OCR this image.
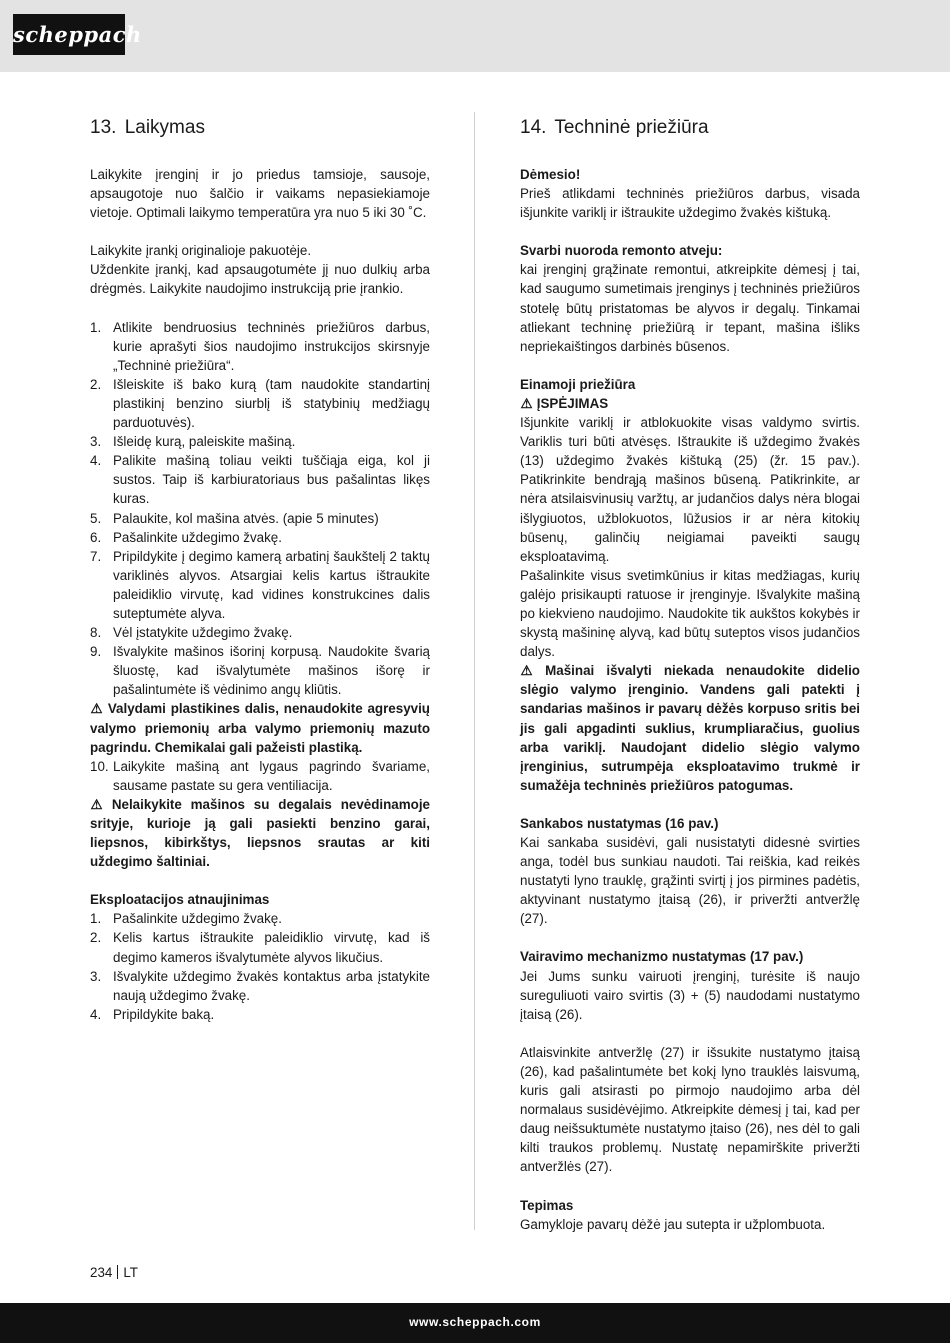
scheppach
13. Laikymas

Laikykite įrenginį ir jo priedus tamsioje, sausoje, apsaugotoje nuo šalčio ir vaikams nepasiekiamoje vietoje. Optimali laikymo temperatūra yra nuo 5 iki 30 ˚C.

Laikykite įrankį originalioje pakuotėje.

Uždenkite įrankį, kad apsaugotumėte jį nuo dulkių arba drėgmės. Laikykite naudojimo instrukciją prie įrankio.

1. Atlikite bendruosius techninės priežiūros darbus, kurie aprašyti šios naudojimo instrukcijos skirsnyje „Techninė priežiūra“.
2. Išleiskite iš bako kurą (tam naudokite standartinį plastikinį benzino siurblį iš statybinių medžiagų parduotuvės).
3. Išleidę kurą, paleiskite mašiną.
4. Palikite mašiną toliau veikti tuščiąja eiga, kol ji sustos. Taip iš karbiuratoriaus bus pašalintas likęs kuras.
5. Palaukite, kol mašina atvės. (apie 5 minutes)
6. Pašalinkite uždegimo žvakę.
7. Pripildykite į degimo kamerą arbatinį šaukštelį 2 taktų variklinės alyvos. Atsargiai kelis kartus ištraukite paleidiklio virvutę, kad vidines konstrukcines dalis suteptumėte alyva.
8. Vėl įstatykite uždegimo žvakę.
9. Išvalykite mašinos išorinį korpusą. Naudokite švarią šluostę, kad išvalytumėte mašinos išorę ir pašalintumėte iš vėdinimo angų kliūtis.

⚠ Valydami plastikines dalis, nenaudokite agresyvių valymo priemonių arba valymo priemonių mazuto pagrindu. Chemikalai gali pažeisti plastiką.

10. Laikykite mašiną ant lygaus pagrindo švariame, sausame pastate su gera ventiliacija.

⚠ Nelaikykite mašinos su degalais nevėdinamoje srityje, kurioje ją gali pasiekti benzino garai, liepsnos, kibirkštys, liepsnos srautas ar kiti uždegimo šaltiniai.

Eksploatacijos atnaujinimas

1. Pašalinkite uždegimo žvakę.
2. Kelis kartus ištraukite paleidiklio virvutę, kad iš degimo kameros išvalytumėte alyvos likučius.
3. Išvalykite uždegimo žvakės kontaktus arba įstatykite naują uždegimo žvakę.
4. Pripildykite baką.
14. Techninė priežiūra

Dėmesio!

Prieš atlikdami techninės priežiūros darbus, visada išjunkite variklį ir ištraukite uždegimo žvakės kištuką.

Svarbi nuoroda remonto atveju:

kai įrenginį grąžinate remontui, atkreipkite dėmesį į tai, kad saugumo sumetimais įrenginys į techninės priežiūros stotelę būtų pristatomas be alyvos ir degalų. Tinkamai atliekant techninę priežiūrą ir tepant, mašina išliks nepriekaištingos darbinės būsenos.

Einamoji priežiūra

⚠ ĮSPĖJIMAS

Išjunkite variklį ir atblokuokite visas valdymo svirtis. Variklis turi būti atvėsęs. Ištraukite iš uždegimo žvakės (13) uždegimo žvakės kištuką (25) (žr. 15 pav.). Patikrinkite bendrąją mašinos būseną. Patikrinkite, ar nėra atsilaisvinusių varžtų, ar judančios dalys nėra blogai išlygiuotos, užblokuotos, lūžusios ir ar nėra kitokių būsenų, galinčių neigiamai paveikti saugų eksploatavimą.

Pašalinkite visus svetimkūnius ir kitas medžiagas, kurių galėjo prisikaupti ratuose ir įrenginyje. Išvalykite mašiną po kiekvieno naudojimo. Naudokite tik aukštos kokybės ir skystą mašininę alyvą, kad būtų suteptos visos judančios dalys.

⚠ Mašinai išvalyti niekada nenaudokite didelio slėgio valymo įrenginio. Vandens gali patekti į sandarias mašinos ir pavarų dėžės korpuso sritis bei jis gali apgadinti suklius, krumpliaračius, guolius arba variklį. Naudojant didelio slėgio valymo įrenginius, sutrumpėja eksploatavimo trukmė ir sumažėja techninės priežiūros patogumas.

Sankabos nustatymas (16 pav.)

Kai sankaba susidėvi, gali nusistatyti didesnė svirties anga, todėl bus sunkiau naudoti. Tai reiškia, kad reikės nustatyti lyno trauklę, grąžinti svirtį į jos pirmines padėtis, aktyvinant nustatymo įtaisą (26), ir priveržti antveržlę (27).

Vairavimo mechanizmo nustatymas (17 pav.)

Jei Jums sunku vairuoti įrenginį, turėsite iš naujo sureguliuoti vairo svirtis (3) + (5) naudodami nustatymo įtaisą (26).

Atlaisvinkite antveržlę (27) ir išsukite nustatymo įtaisą (26), kad pašalintumėte bet kokį lyno trauklės laisvumą, kuris gali atsirasti po pirmojo naudojimo arba dėl normalaus susidėvėjimo. Atkreipkite dėmesį į tai, kad per daug neišsuktumėte nustatymo įtaiso (26), nes dėl to gali kilti traukos problemų. Nustatę nepamirškite priveržti antveržlės (27).

Tepimas

Gamykloje pavarų dėžė jau sutepta ir užplombuota.

234 LT
www.scheppach.com
